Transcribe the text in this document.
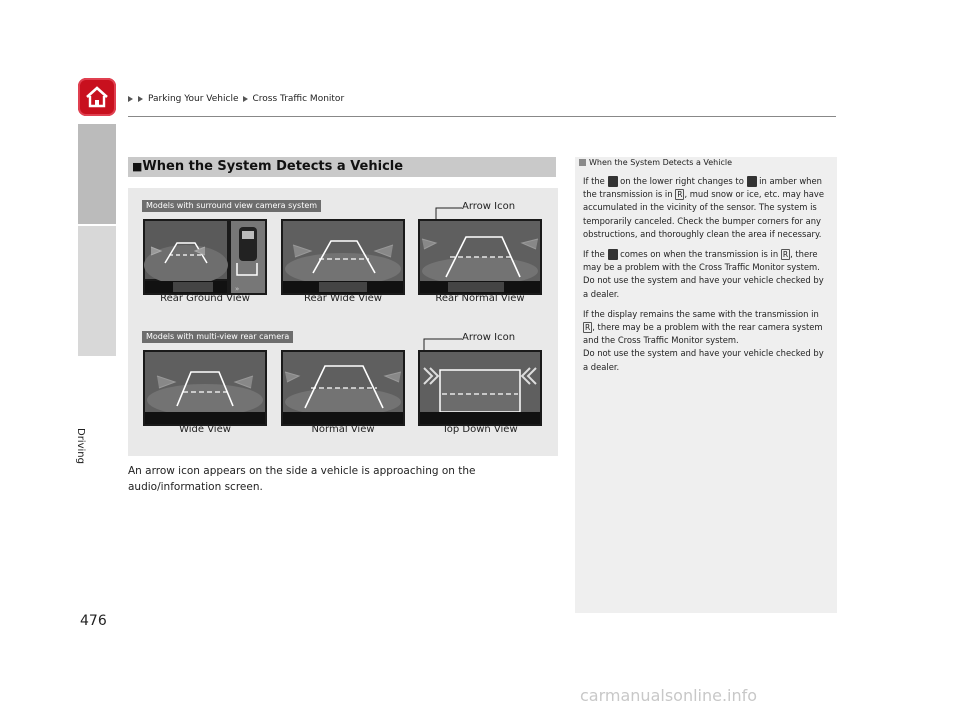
Parking Your Vehicle Cross Traffic Monitor
Driving
476
■When the System Detects a Vehicle
Models with surround view camera system
Models with multi-view rear camera
Arrow Icon
Arrow Icon
»
Rear Ground View	Rear Wide View	Rear Normal View
Wide View	Normal View	Top Down View
An arrow icon appears on the side a vehicle is approaching on the audio/information screen.
When the System Detects a Vehicle

If the on the lower right changes to in amber when the transmission is in R , mud snow or ice, etc. may have accumulated in the vicinity of the sensor. The system is temporarily canceled. Check the bumper corners for any obstructions, and thoroughly clean the area if necessary.

If the comes on when the transmission is in R , there may be a problem with the Cross Traffic Monitor system. Do not use the system and have your vehicle checked by a dealer.

If the display remains the same with the transmission in R , there may be a problem with the rear camera system and the Cross Traffic Monitor system.

Do not use the system and have your vehicle checked by a dealer.

carmanualsonline.info
